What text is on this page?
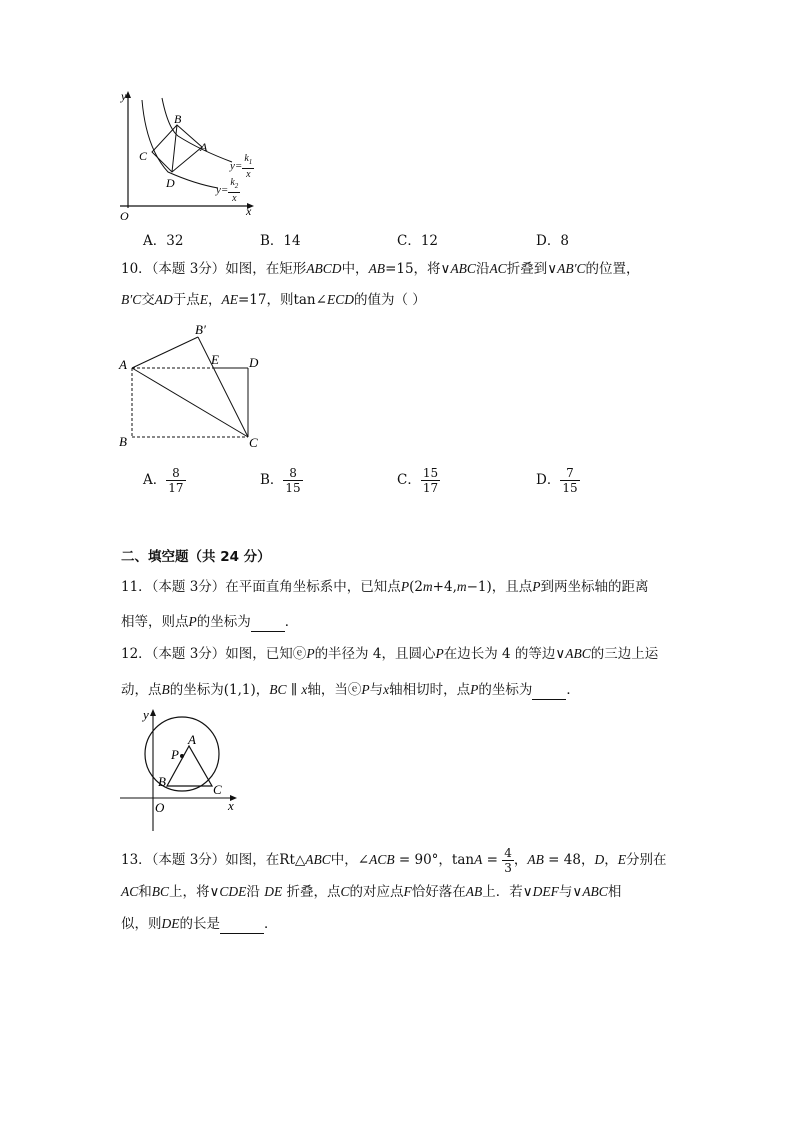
y
O	x
B
A
C
D
$y= \frac{k_1}{x}$
$y= \frac{k_2}{x}$
A．32	B．14	C．12	D．8
10．（本题 3分）如图，在矩形ABCD中，AB=15，将∨ABC沿AC折叠到∨AB′C的位置，
B′C交AD于点E，AE=17，则tan∠ECD的值为（ ）
A
B′
E D
B	C
A． $\frac{8}{17}$	B． $\frac{8}{15}$	C． $\frac{15}{17}$	D． $\frac{7}{15}$
二、填空题（共 24 分）
11．（本题 3分）在平面直角坐标系中，已知点P(2m+4,m−1)，且点P到两坐标轴的距离
相等，则点P的坐标为	．
12．（本题 3分）如图，已知ⓔP的半径为 4，且圆心P在边长为 4 的等边∨ABC的三边上运
动，点B的坐标为(1,1)，BC ∥ x轴，当ⓔP与x轴相切时，点P的坐标为	．
y
x
O
P
A
B
C
13．（本题 3分）如图，在Rt△ABC中，∠ACB = 90°，$\tan A = \frac{4}{3}$ ，AB = 48，D，E分别在
AC和BC上，将∨CDE沿 DE 折叠，点C的对应点F恰好落在AB上．若∨DEF与∨ABC相
似，则DE的长是	．
